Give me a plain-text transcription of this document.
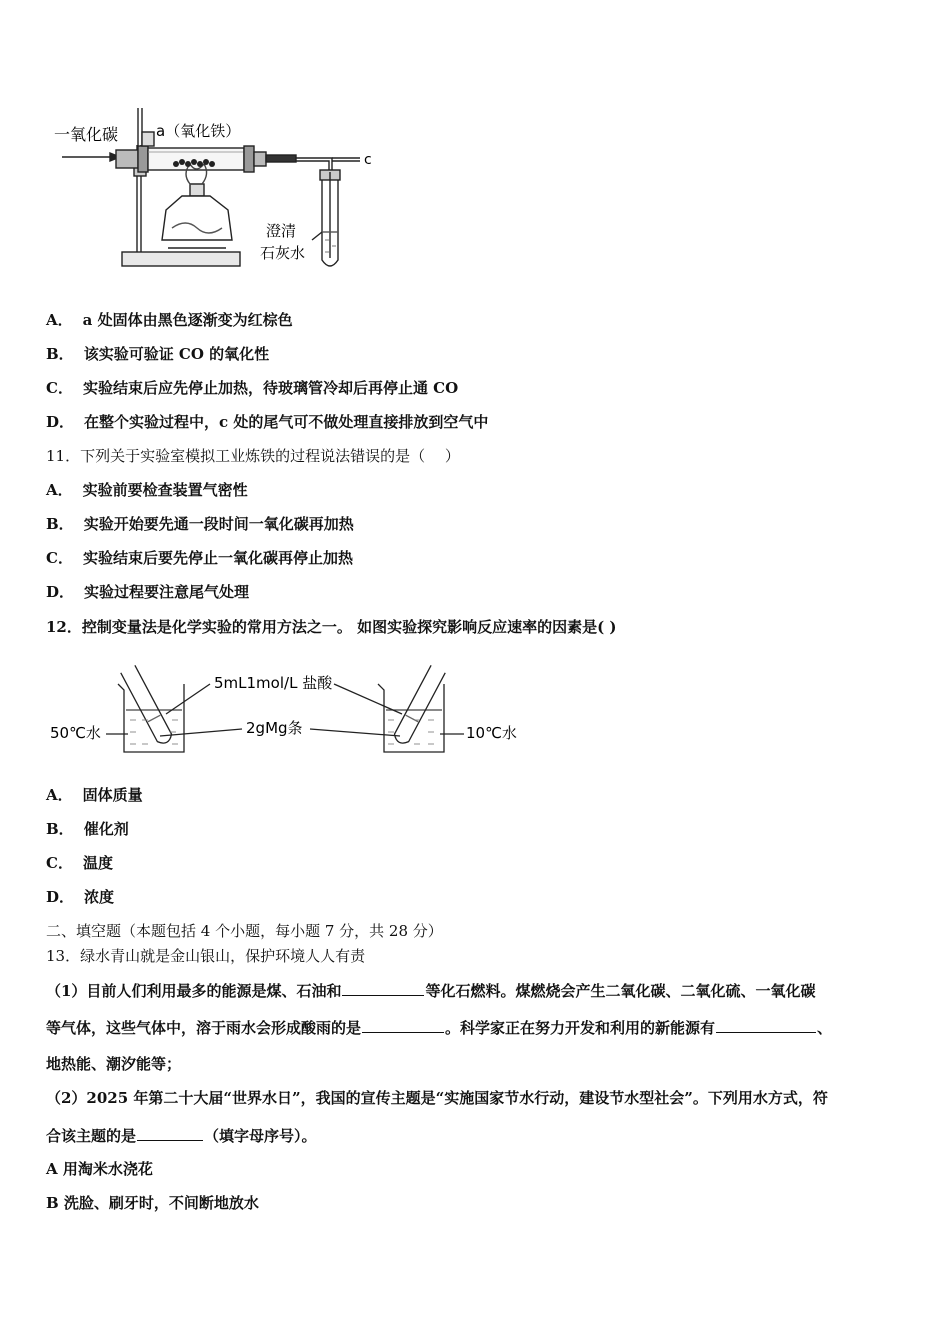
一氧化碳	a（氧化铁）
c
澄清
石灰水
A． a 处固体由黑色逐渐变为红棕色
B． 该实验可验证 CO 的氧化性
C． 实验结束后应先停止加热，待玻璃管冷却后再停止通 CO
D． 在整个实验过程中，c 处的尾气可不做处理直接排放到空气中
11．下列关于实验室模拟工业炼铁的过程说法错误的是（　 ）
A． 实验前要检查装置气密性
B． 实验开始要先通一段时间一氧化碳再加热
C． 实验结束后要先停止一氧化碳再停止加热
D． 实验过程要注意尾气处理
12．控制变量法是化学实验的常用方法之一。 如图实验探究影响反应速率的因素是( )
5mL1mol/L 盐酸
2gMg条
50℃水	10℃水
A． 固体质量
B． 催化剂
C． 温度
D． 浓度
二、填空题（本题包括 4 个小题，每小题 7 分，共 28 分）
13．绿水青山就是金山银山，保护环境人人有责
（1）目前人们利用最多的能源是煤、石油和	等化石燃料。煤燃烧会产生二氧化碳、二氧化硫、一氧化碳
等气体，这些气体中，溶于雨水会形成酸雨的是	。科学家正在努力开发和利用的新能源有	、
地热能、潮汐能等；
（2）2025 年第二十大届“世界水日”，我国的宣传主题是“实施国家节水行动，建设节水型社会”。下列用水方式，符
合该主题的是	（填字母序号）。
A 用淘米水浇花
B 洗脸、刷牙时，不间断地放水
